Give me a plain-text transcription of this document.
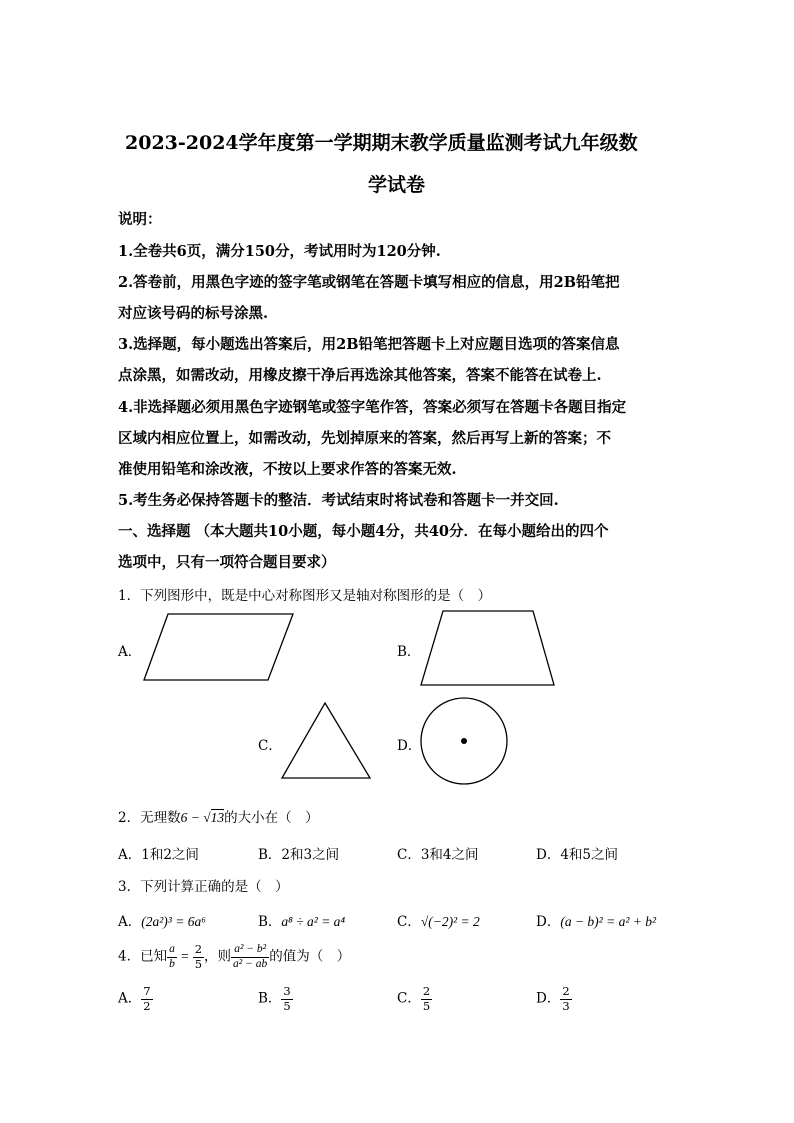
2023-2024学年度第一学期期末教学质量监测考试九年级数
学试卷
说明：
1.全卷共6页，满分150分，考试用时为120分钟.
2.答卷前，用黑色字迹的签字笔或钢笔在答题卡填写相应的信息，用2B铅笔把
对应该号码的标号涂黑.
3.选择题，每小题选出答案后，用2B铅笔把答题卡上对应题目选项的答案信息
点涂黑，如需改动，用橡皮擦干净后再选涂其他答案，答案不能答在试卷上.
4.非选择题必须用黑色字迹钢笔或签字笔作答，答案必须写在答题卡各题目指定
区域内相应位置上，如需改动，先划掉原来的答案，然后再写上新的答案；不
准使用铅笔和涂改液，不按以上要求作答的答案无效.
5.考生务必保持答题卡的整洁．考试结束时将试卷和答题卡一并交回.
一、选择题 （本大题共10小题，每小题4分，共40分．在每小题给出的四个
选项中，只有一项符合题目要求）
1．下列图形中，既是中心对称图形又是轴对称图形的是（　）
A．	B．
C．	D．
2．无理数6 − √13的大小在（　）
A．1和2之间	B．2和3之间	C．3和4之间	D．4和5之间
3．下列计算正确的是（　）
A．(2a²)³ = 6a⁶	B．a⁸ ÷ a² = a⁴	C．√(−2)² = 2	D．(a − b)² = a² + b²
4．已知 $\frac{a}{b} = \frac{2}{5}$ ，则 $\frac{\text{a² − b²}}{\text{a² − ab}}$ 的值为（　）
A． $\frac{7}{2}$	B． $\frac{3}{5}$	C． $\frac{2}{5}$	D． $\frac{2}{3}$
